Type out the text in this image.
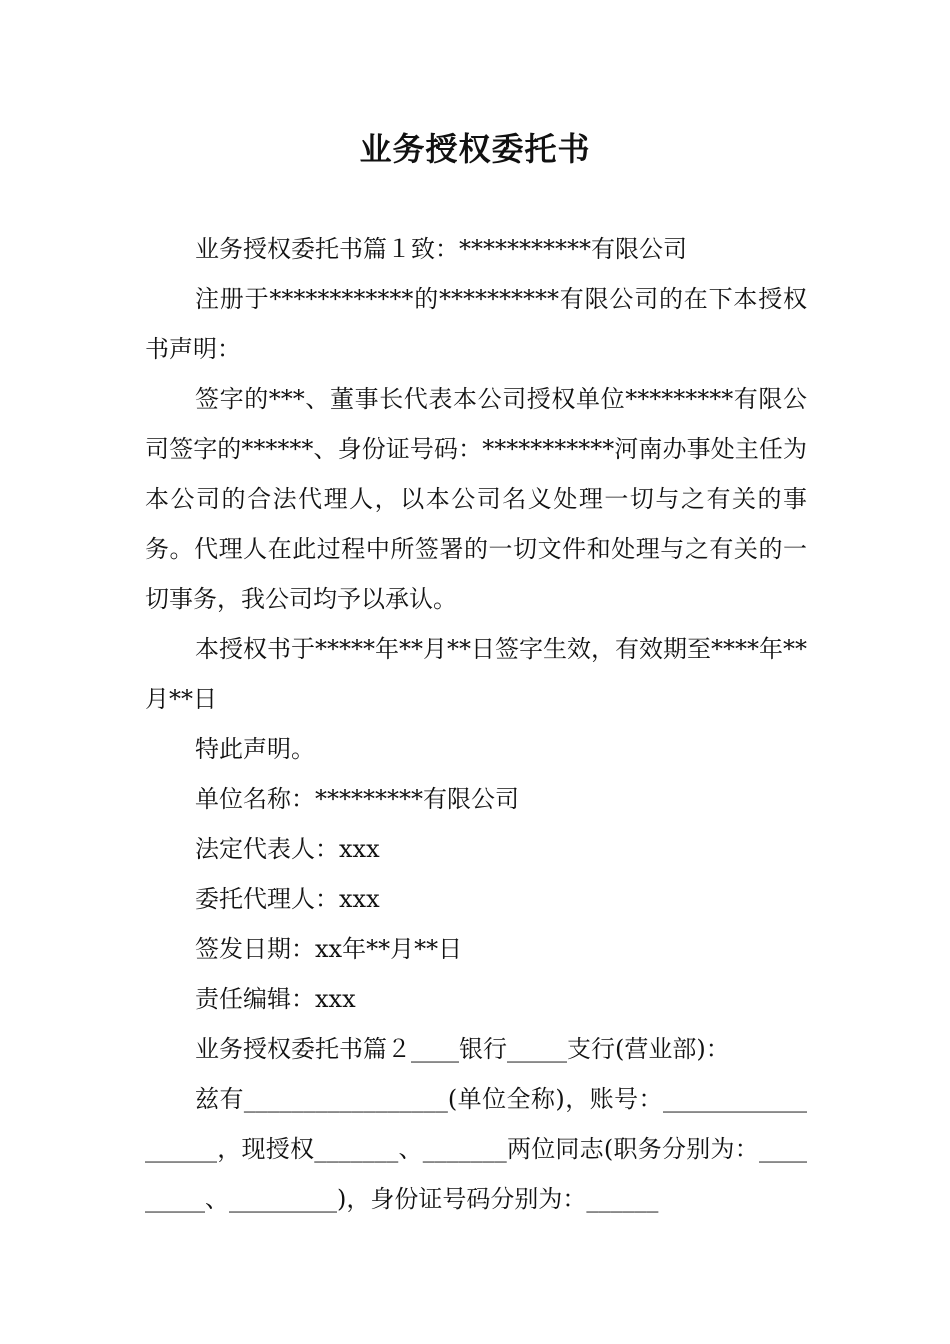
业务授权委托书

业务授权委托书篇１致：***********有限公司

注册于************的**********有限公司的在下本授权书声明：

签字的***、董事长代表本公司授权单位*********有限公司签字的******、身份证号码：***********河南办事处主任为本公司的合法代理人，以本公司名义处理一切与之有关的事务。代理人在此过程中所签署的一切文件和处理与之有关的一切事务，我公司均予以承认。

本授权书于*****年**月**日签字生效，有效期至****年**月**日

特此声明。

单位名称：*********有限公司

法定代表人：xxx

委托代理人：xxx

签发日期：xx年**月**日

责任编辑：xxx

业务授权委托书篇２____银行_____支行(营业部)：

兹有_________________(单位全称)，账号：__________________，现授权_______、_______两位同志(职务分别为：_________、_________)，身份证号码分别为：______
